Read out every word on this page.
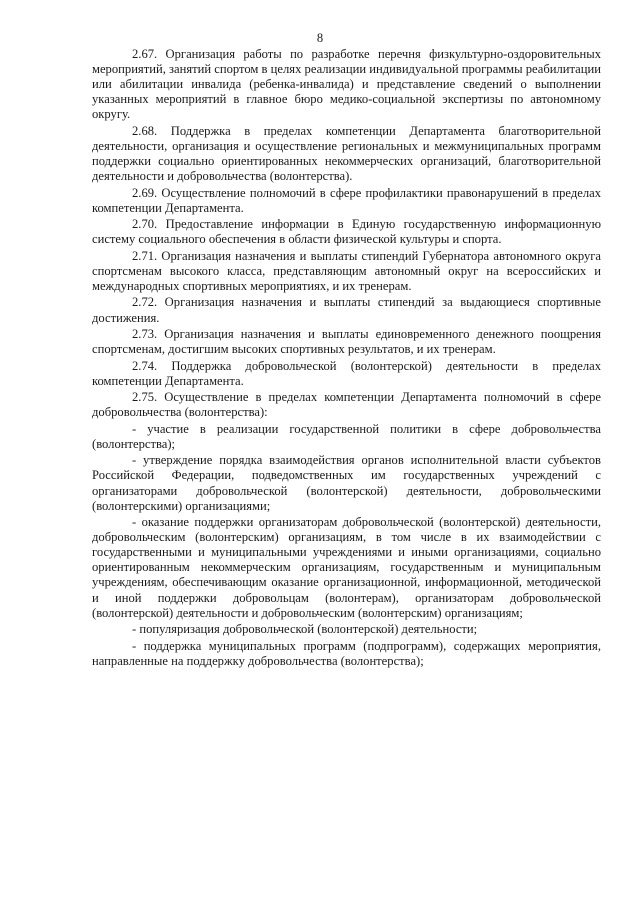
8

2.67. Организация работы по разработке перечня физкультурно-оздоровительных мероприятий, занятий спортом в целях реализации индивидуальной программы реабилитации или абилитации инвалида (ребенка-инвалида) и представление сведений о выполнении указанных мероприятий в главное бюро медико-социальной экспертизы по автономному округу.

2.68. Поддержка в пределах компетенции Департамента благотворительной деятельности, организация и осуществление региональных и межмуниципальных программ поддержки социально ориентированных некоммерческих организаций, благотворительной деятельности и добровольчества (волонтерства).

2.69. Осуществление полномочий в сфере профилактики правонарушений в пределах компетенции Департамента.

2.70. Предоставление информации в Единую государственную информационную систему социального обеспечения в области физической культуры и спорта.

2.71. Организация назначения и выплаты стипендий Губернатора автономного округа спортсменам высокого класса, представляющим автономный округ на всероссийских и международных спортивных мероприятиях, и их тренерам.

2.72. Организация назначения и выплаты стипендий за выдающиеся спортивные достижения.

2.73. Организация назначения и выплаты единовременного денежного поощрения спортсменам, достигшим высоких спортивных результатов, и их тренерам.

2.74. Поддержка добровольческой (волонтерской) деятельности в пределах компетенции Департамента.

2.75. Осуществление в пределах компетенции Департамента полномочий в сфере добровольчества (волонтерства):

- участие в реализации государственной политики в сфере добровольчества (волонтерства);

- утверждение порядка взаимодействия органов исполнительной власти субъектов Российской Федерации, подведомственных им государственных учреждений с организаторами добровольческой (волонтерской) деятельности, добровольческими (волонтерскими) организациями;

- оказание поддержки организаторам добровольческой (волонтерской) деятельности, добровольческим (волонтерским) организациям, в том числе в их взаимодействии с государственными и муниципальными учреждениями и иными организациями, социально ориентированным некоммерческим организациям, государственным и муниципальным учреждениям, обеспечивающим оказание организационной, информационной, методической и иной поддержки добровольцам (волонтерам), организаторам добровольческой (волонтерской) деятельности и добровольческим (волонтерским) организациям;

- популяризация добровольческой (волонтерской) деятельности;

- поддержка муниципальных программ (подпрограмм), содержащих мероприятия, направленные на поддержку добровольчества (волонтерства);
